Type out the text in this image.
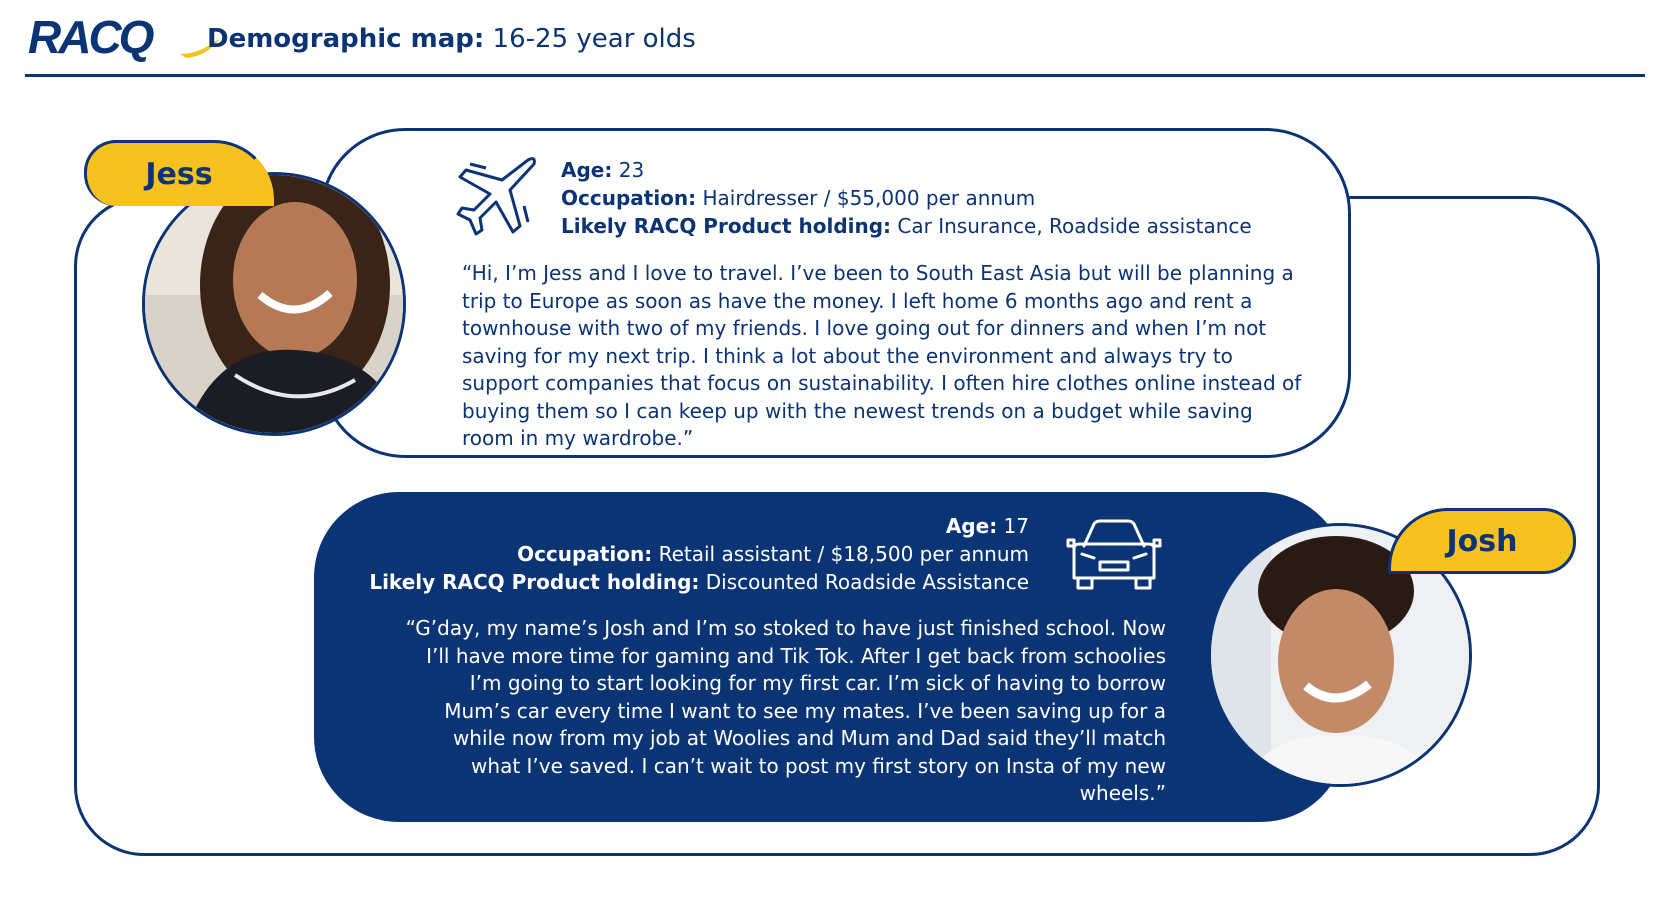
RACQ Demographic map: 16-25 year olds
Jess	Age: 23
Occupation: Hairdresser / $55,000 per annum
Likely RACQ Product holding: Car Insurance, Roadside assistance
“Hi, I’m Jess and I love to travel. I’ve been to South East Asia but will be planning a trip to Europe as soon as have the money. I left home 6 months ago and rent a townhouse with two of my friends. I love going out for dinners and when I’m not saving for my next trip. I think a lot about the environment and always try to support companies that focus on sustainability. I often hire clothes online instead of buying them so I can keep up with the newest trends on a budget while saving room in my wardrobe.”
Josh
Age: 17
Occupation: Retail assistant / $18,500 per annum
Likely RACQ Product holding: Discounted Roadside Assistance
“G’day, my name’s Josh and I’m so stoked to have just finished school. Now I’ll have more time for gaming and Tik Tok. After I get back from schoolies I’m going to start looking for my first car. I’m sick of having to borrow Mum’s car every time I want to see my mates. I’ve been saving up for a while now from my job at Woolies and Mum and Dad said they’ll match what I’ve saved. I can’t wait to post my first story on Insta of my new wheels.”
